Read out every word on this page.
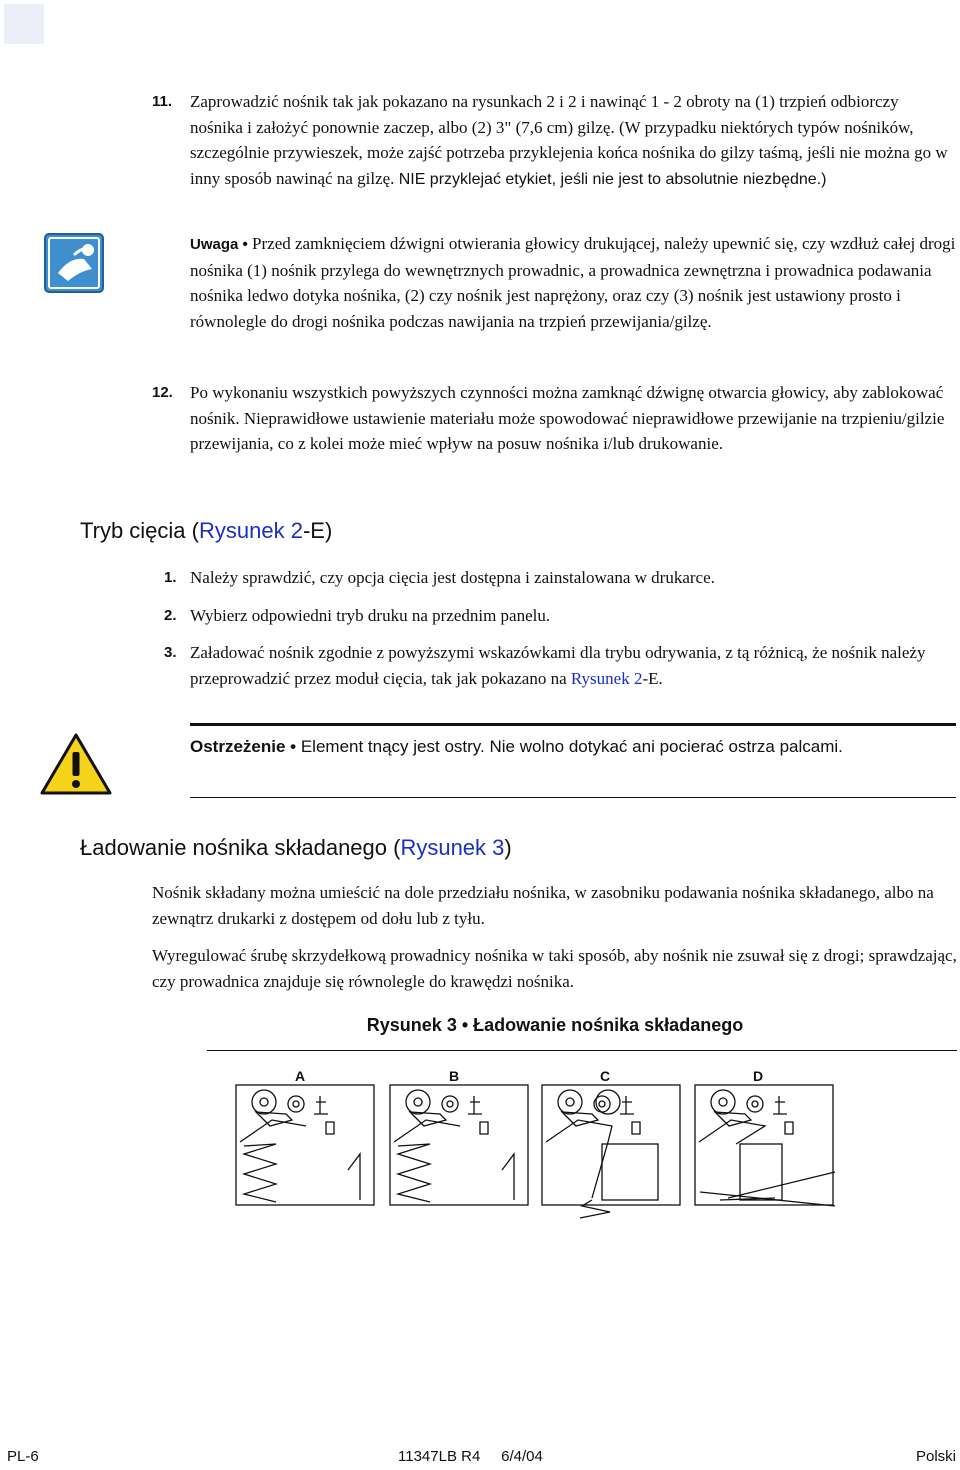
11. Zaprowadzić nośnik tak jak pokazano na rysunkach 2 i 2 i nawinąć 1 - 2 obroty na (1) trzpień odbiorczy nośnika i założyć ponownie zaczep, albo (2) 3" (7,6 cm) gilzę. (W przypadku niektórych typów nośników, szczególnie przywieszek, może zajść potrzeba przyklejenia końca nośnika do gilzy taśmą, jeśli nie można go w inny sposób nawinąć na gilzę. NIE przyklejać etykiet, jeśli nie jest to absolutnie niezbędne.)
Uwaga • Przed zamknięciem dźwigni otwierania głowicy drukującej, należy upewnić się, czy wzdłuż całej drogi nośnika (1) nośnik przylega do wewnętrznych prowadnic, a prowadnica zewnętrzna i prowadnica podawania nośnika ledwo dotyka nośnika, (2) czy nośnik jest naprężony, oraz czy (3) nośnik jest ustawiony prosto i równolegle do drogi nośnika podczas nawijania na trzpień przewijania/gilzę.
12. Po wykonaniu wszystkich powyższych czynności można zamknąć dźwignę otwarcia głowicy, aby zablokować nośnik. Nieprawidłowe ustawienie materiału może spowodować nieprawidłowe przewijanie na trzpieniu/gilzie przewijania, co z kolei może mieć wpływ na posuw nośnika i/lub drukowanie.
Tryb cięcia (Rysunek 2-E)
1. Należy sprawdzić, czy opcja cięcia jest dostępna i zainstalowana w drukarce.
2. Wybierz odpowiedni tryb druku na przednim panelu.
3. Załadować nośnik zgodnie z powyższymi wskazówkami dla trybu odrywania, z tą różnicą, że nośnik należy przeprowadzić przez moduł cięcia, tak jak pokazano na Rysunek 2-E.
Ostrzeżenie • Element tnący jest ostry. Nie wolno dotykać ani pocierać ostrza palcami.
Ładowanie nośnika składanego (Rysunek 3)
Nośnik składany można umieścić na dole przedziału nośnika, w zasobniku podawania nośnika składanego, albo na zewnątrz drukarki z dostępem od dołu lub z tyłu.
Wyregulować śrubę skrzydełkową prowadnicy nośnika w taki sposób, aby nośnik nie zsuwał się z drogi; sprawdzając, czy prowadnica znajduje się równolegle do krawędzi nośnika.
Rysunek 3 • Ładowanie nośnika składanego
A	B	C	D
PL-6	11347LB R4     6/4/04	Polski
